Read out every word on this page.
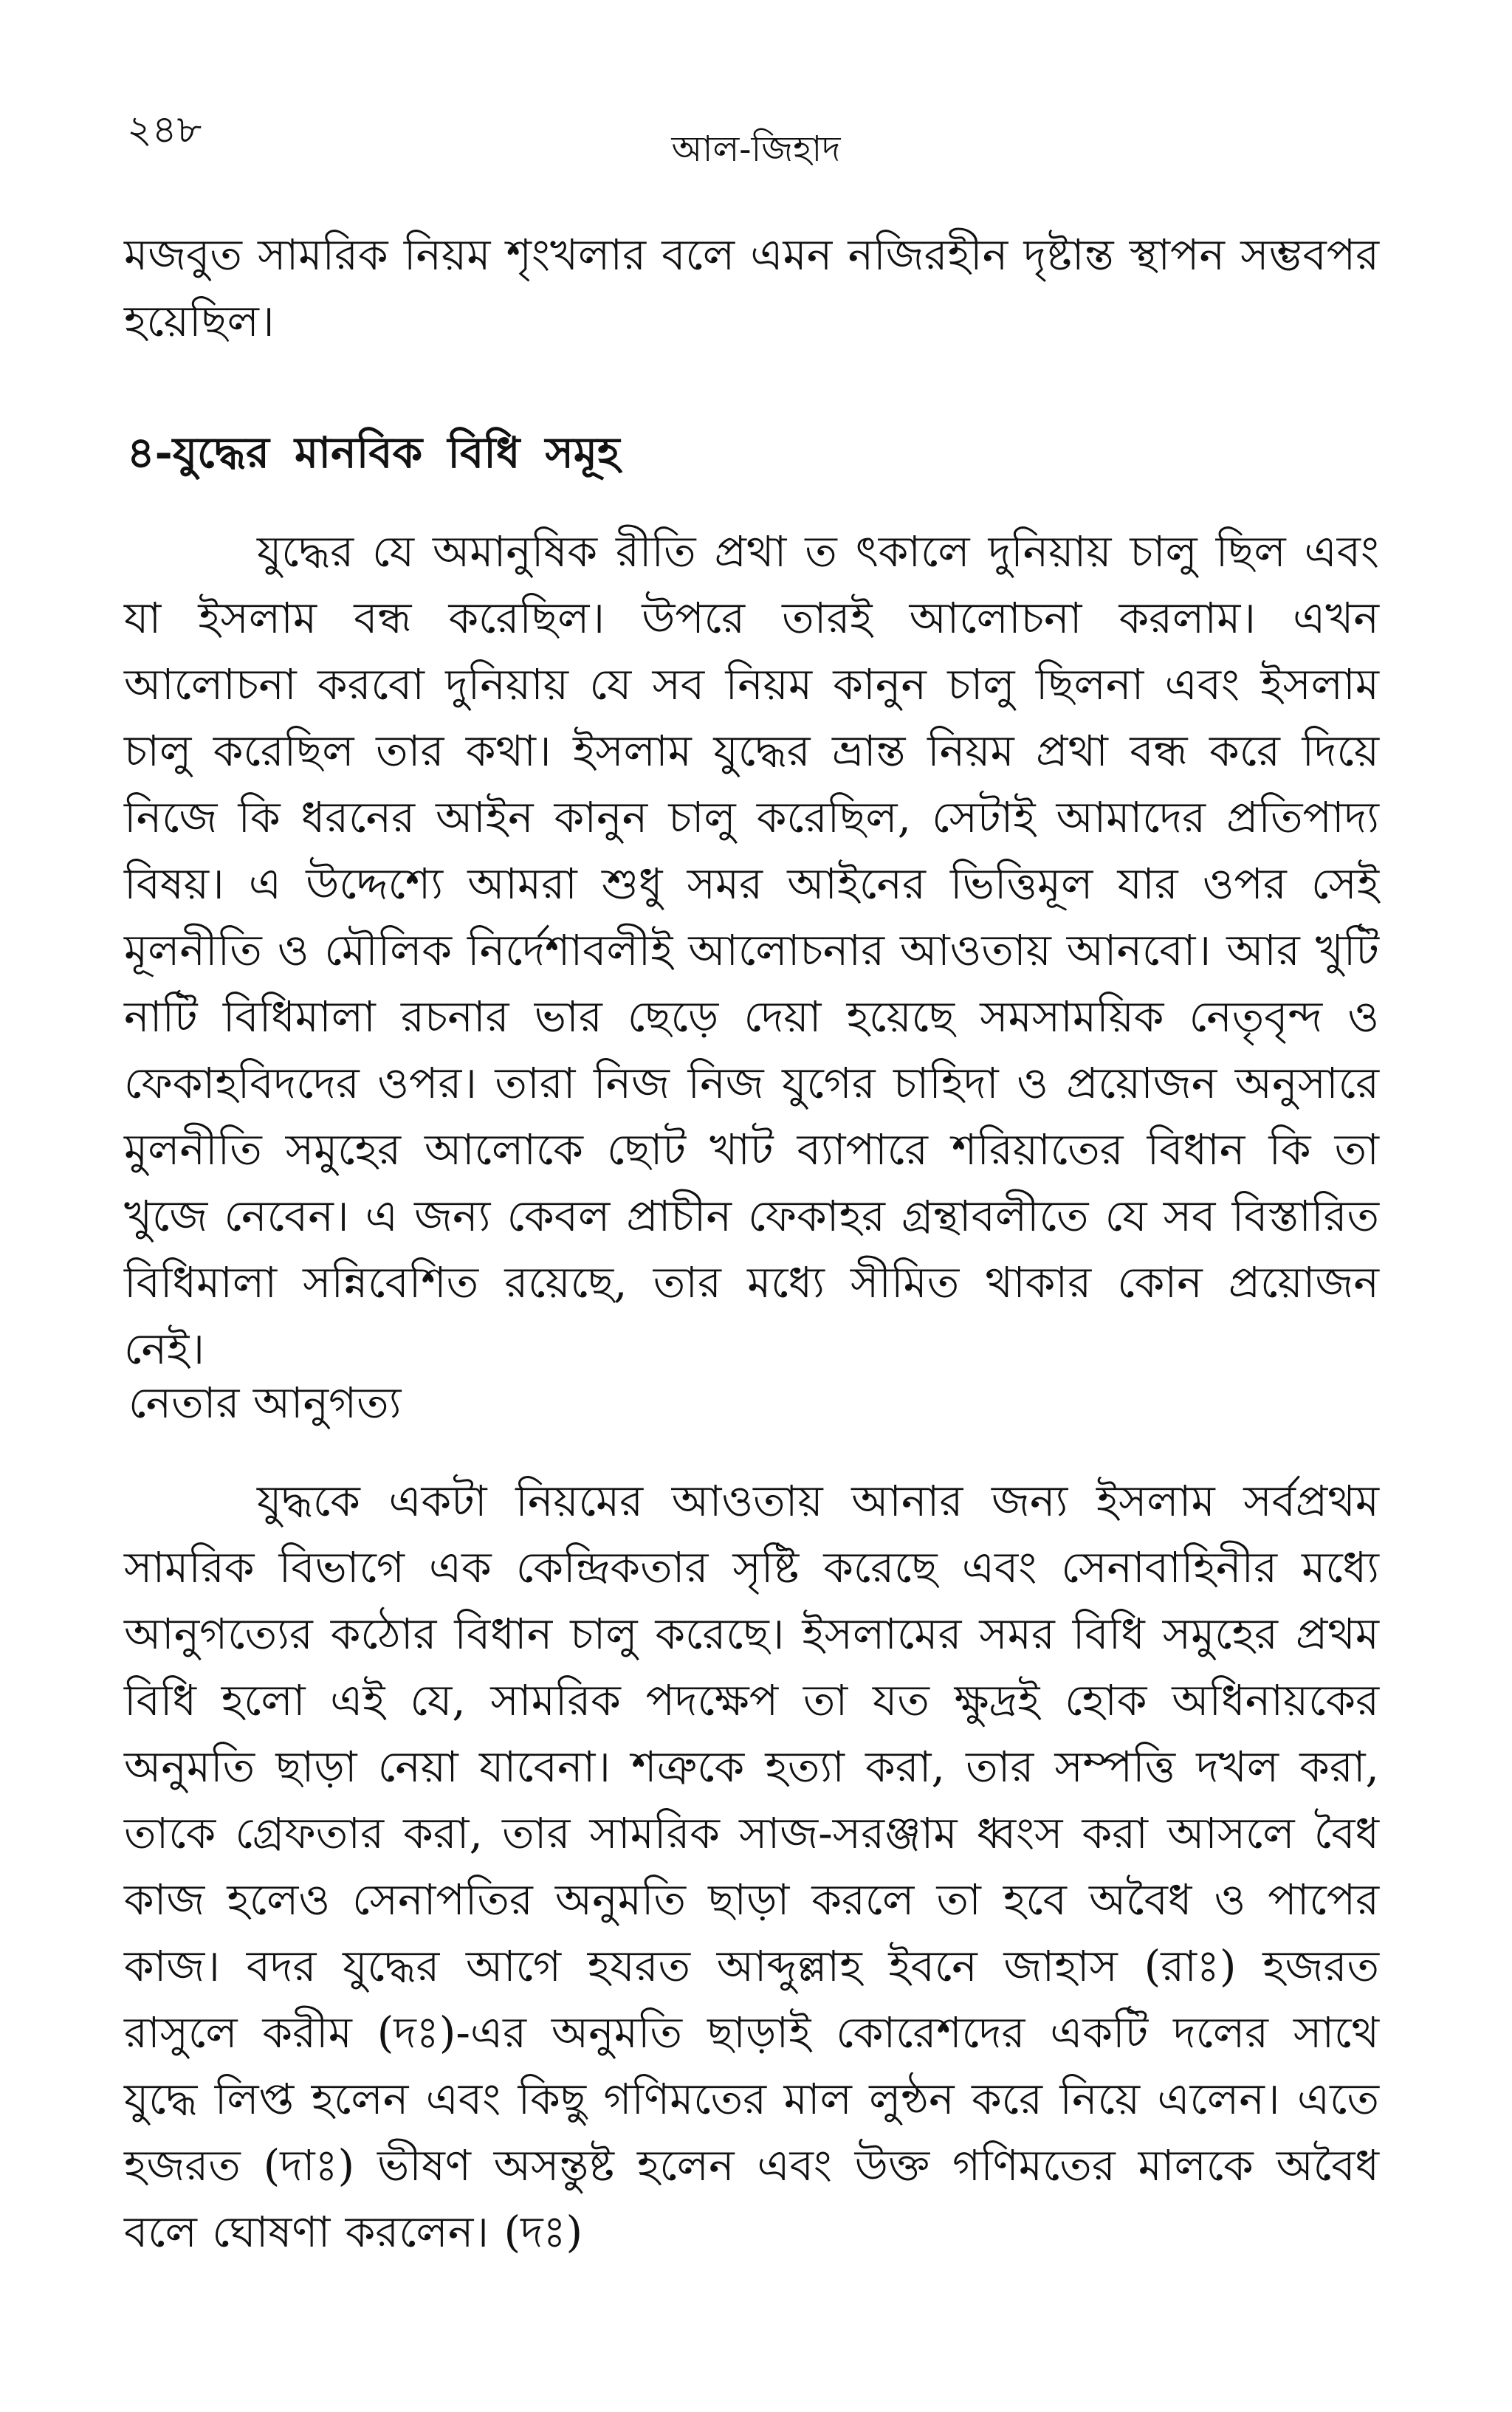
২৪৮	আল-জিহাদ

মজবুত সামরিক নিয়ম শৃংখলার বলে এমন নজিরহীন দৃষ্টান্ত স্থাপন সম্ভবপর হয়েছিল।

৪-যুদ্ধের মানবিক বিধি সমূহ

যুদ্ধের যে অমানুষিক রীতি প্রথা ত ৎকালে দুনিয়ায় চালু ছিল এবং যা ইসলাম বন্ধ করেছিল। উপরে তারই আলোচনা করলাম। এখন আলোচনা করবো দুনিয়ায় যে সব নিয়ম কানুন চালু ছিলনা এবং ইসলাম চালু করেছিল তার কথা। ইসলাম যুদ্ধের ভ্রান্ত নিয়ম প্রথা বন্ধ করে দিয়ে নিজে কি ধরনের আইন কানুন চালু করেছিল, সেটাই আমাদের প্রতিপাদ্য বিষয়। এ উদ্দেশ্যে আমরা শুধু সমর আইনের ভিত্তিমূল যার ওপর সেই মূলনীতি ও মৌলিক নির্দেশাবলীই আলোচনার আওতায় আনবো। আর খুটি নাটি বিধিমালা রচনার ভার ছেড়ে দেয়া হয়েছে সমসাময়িক নেতৃবৃন্দ ও ফেকাহবিদদের ওপর। তারা নিজ নিজ যুগের চাহিদা ও প্রয়োজন অনুসারে মুলনীতি সমুহের আলোকে ছোট খাট ব্যাপারে শরিয়াতের বিধান কি তা খুজে নেবেন। এ জন্য কেবল প্রাচীন ফেকাহর গ্রন্থাবলীতে যে সব বিস্তারিত বিধিমালা সন্নিবেশিত রয়েছে, তার মধ্যে সীমিত থাকার কোন প্রয়োজন নেই।

নেতার আনুগত্য

যুদ্ধকে একটা নিয়মের আওতায় আনার জন্য ইসলাম সর্বপ্রথম সামরিক বিভাগে এক কেন্দ্রিকতার সৃষ্টি করেছে এবং সেনাবাহিনীর মধ্যে আনুগত্যের কঠোর বিধান চালু করেছে। ইসলামের সমর বিধি সমুহের প্রথম বিধি হলো এই যে, সামরিক পদক্ষেপ তা যত ক্ষুদ্রই হোক অধিনায়কের অনুমতি ছাড়া নেয়া যাবেনা। শত্রুকে হত্যা করা, তার সম্পত্তি দখল করা, তাকে গ্রেফতার করা, তার সামরিক সাজ-সরঞ্জাম ধ্বংস করা আসলে বৈধ কাজ হলেও সেনাপতির অনুমতি ছাড়া করলে তা হবে অবৈধ ও পাপের কাজ। বদর যুদ্ধের আগে হযরত আব্দুল্লাহ ইবনে জাহাস (রাঃ) হজরত রাসুলে করীম (দঃ)-এর অনুমতি ছাড়াই কোরেশদের একটি দলের সাথে যুদ্ধে লিপ্ত হলেন এবং কিছু গণিমতের মাল লুন্ঠন করে নিয়ে এলেন। এতে হজরত (দাঃ) ভীষণ অসন্তুষ্ট হলেন এবং উক্ত গণিমতের মালকে অবৈধ বলে ঘোষণা করলেন। (দঃ)
